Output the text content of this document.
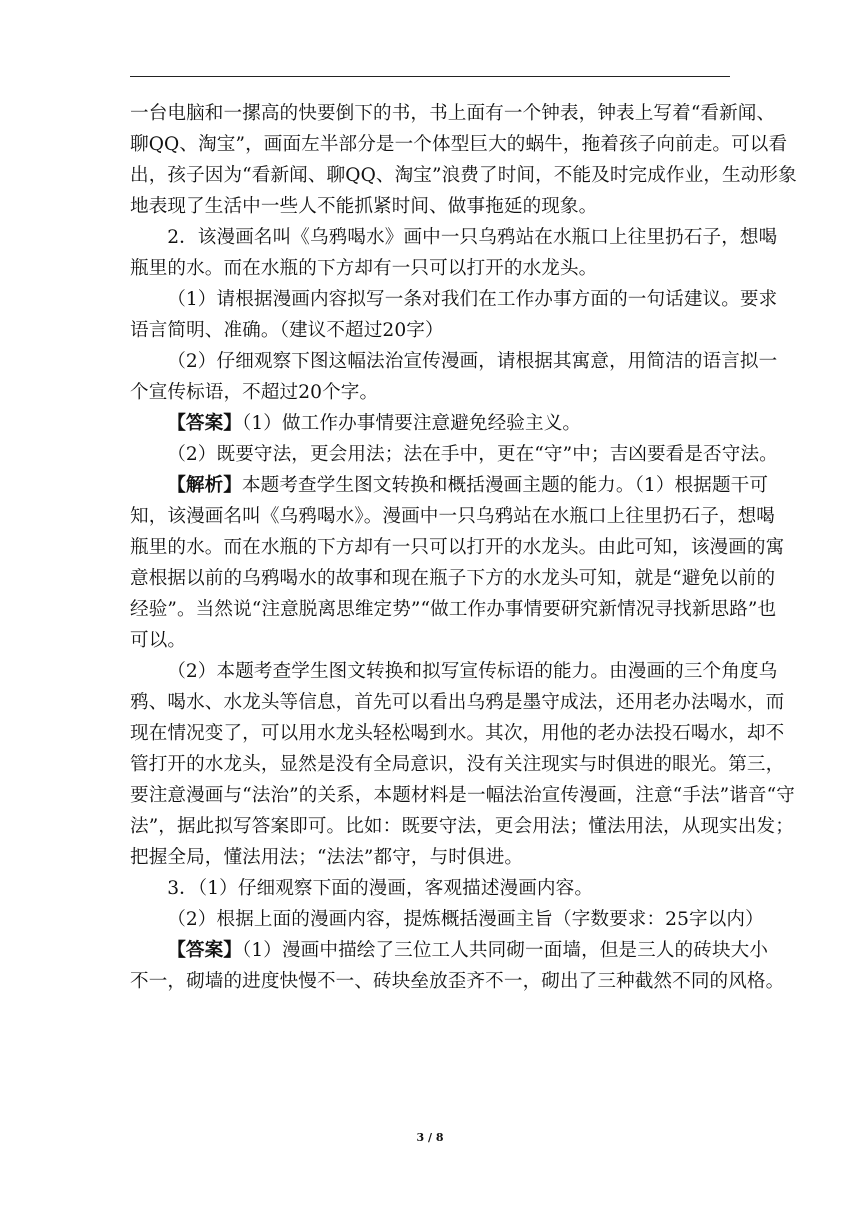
一台电脑和一摞高的快要倒下的书，书上面有一个钟表，钟表上写着“看新闻、
聊QQ、淘宝”，画面左半部分是一个体型巨大的蜗牛，拖着孩子向前走。可以看
出，孩子因为“看新闻、聊QQ、淘宝”浪费了时间，不能及时完成作业，生动形象
地表现了生活中一些人不能抓紧时间、做事拖延的现象。

2．该漫画名叫《乌鸦喝水》画中一只乌鸦站在水瓶口上往里扔石子，想喝
瓶里的水。而在水瓶的下方却有一只可以打开的水龙头。

（1）请根据漫画内容拟写一条对我们在工作办事方面的一句话建议。要求
语言简明、准确。（建议不超过20字）

（2）仔细观察下图这幅法治宣传漫画，请根据其寓意，用简洁的语言拟一
个宣传标语，不超过20个字。

【答案】（1）做工作办事情要注意避免经验主义。

（2）既要守法，更会用法；法在手中，更在“守”中；吉凶要看是否守法。

【解析】本题考查学生图文转换和概括漫画主题的能力。（1）根据题干可
知，该漫画名叫《乌鸦喝水》。漫画中一只乌鸦站在水瓶口上往里扔石子，想喝
瓶里的水。而在水瓶的下方却有一只可以打开的水龙头。由此可知，该漫画的寓
意根据以前的乌鸦喝水的故事和现在瓶子下方的水龙头可知，就是“避免以前的
经验”。当然说“注意脱离思维定势”“做工作办事情要研究新情况寻找新思路”也
可以。

（2）本题考查学生图文转换和拟写宣传标语的能力。由漫画的三个角度乌
鸦、喝水、水龙头等信息，首先可以看出乌鸦是墨守成法，还用老办法喝水，而
现在情况变了，可以用水龙头轻松喝到水。其次，用他的老办法投石喝水，却不
管打开的水龙头，显然是没有全局意识，没有关注现实与时俱进的眼光。第三，
要注意漫画与“法治”的关系，本题材料是一幅法治宣传漫画，注意“手法”谐音“守
法”，据此拟写答案即可。比如：既要守法，更会用法；懂法用法，从现实出发；
把握全局，懂法用法；“法法”都守，与时俱进。

3．（1）仔细观察下面的漫画，客观描述漫画内容。

（2）根据上面的漫画内容，提炼概括漫画主旨（字数要求：25字以内）

【答案】（1）漫画中描绘了三位工人共同砌一面墙，但是三人的砖块大小
不一，砌墙的进度快慢不一、砖块垒放歪齐不一，砌出了三种截然不同的风格。

3 / 8
